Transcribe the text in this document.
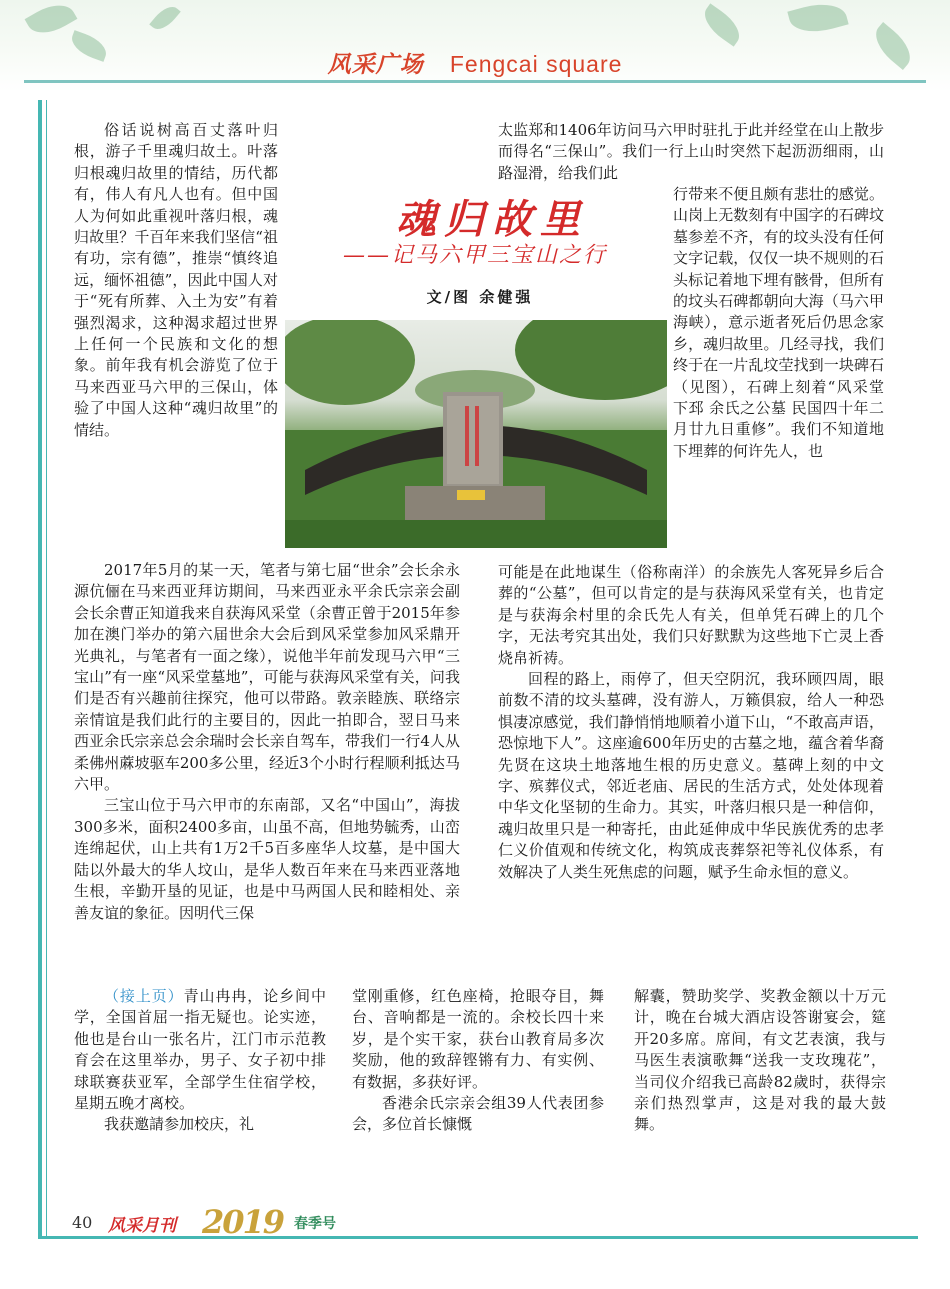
风采广场 Fengcai square

俗话说树高百丈落叶归根，游子千里魂归故土。叶落归根魂归故里的情结，历代都有，伟人有凡人也有。但中国人为何如此重视叶落归根，魂归故里？千百年来我们坚信“祖有功，宗有德”，推崇“慎终追远，缅怀祖德”，因此中国人对于“死有所葬、入土为安”有着强烈渴求，这种渴求超过世界上任何一个民族和文化的想象。前年我有机会游览了位于马来西亚马六甲的三保山，体验了中国人这种“魂归故里”的情结。

魂归故里
——记马六甲三宝山之行
文/图 余健强

2017年5月的某一天，笔者与第七届“世余”会长余永源伉俪在马来西亚拜访期间，马来西亚永平余氏宗亲会副会长余曹正知道我来自获海风采堂（余曹正曾于2015年参加在澳门举办的第六届世余大会后到风采堂参加风采鼎开光典礼，与笔者有一面之缘），说他半年前发现马六甲“三宝山”有一座“风采堂墓地”，可能与获海风采堂有关，问我们是否有兴趣前往探究，他可以带路。敦亲睦族、联络宗亲情谊是我们此行的主要目的，因此一拍即合，翌日马来西亚余氏宗亲总会余瑞时会长亲自驾车，带我们一行4人从柔佛州蔴坡驱车200多公里，经近3个小时行程顺利抵达马六甲。

三宝山位于马六甲市的东南部，又名“中国山”，海拔300多米，面积2400多亩，山虽不高，但地势毓秀，山峦连绵起伏，山上共有1万2千5百多座华人坟墓，是中国大陆以外最大的华人坟山，是华人数百年来在马来西亚落地生根，辛勤开垦的见证，也是中马两国人民和睦相处、亲善友谊的象征。因明代三保

太监郑和1406年访问马六甲时驻扎于此并经堂在山上散步而得名“三保山”。我们一行上山时突然下起沥沥细雨，山路湿滑，给我们此

行带来不便且颇有悲壮的感觉。山岗上无数刻有中国字的石碑坟墓参差不齐，有的坟头没有任何文字记载，仅仅一块不规则的石头标记着地下埋有骸骨，但所有的坟头石碑都朝向大海（马六甲海峡），意示逝者死后仍思念家乡，魂归故里。几经寻找，我们终于在一片乱坟茔找到一块碑石（见图），石碑上刻着“风采堂 下邳 余氏之公墓 民国四十年二月廿九日重修”。我们不知道地下埋葬的何许先人，也

可能是在此地谋生（俗称南洋）的余族先人客死异乡后合葬的“公墓”，但可以肯定的是与获海风采堂有关，也肯定是与获海余村里的余氏先人有关，但单凭石碑上的几个字，无法考究其出处，我们只好默默为这些地下亡灵上香烧帛祈祷。

回程的路上，雨停了，但天空阴沉，我环顾四周，眼前数不清的坟头墓碑，没有游人，万籁俱寂，给人一种恐惧凄凉感觉，我们静悄悄地顺着小道下山，“不敢高声语，恐惊地下人”。这座逾600年历史的古墓之地，蕴含着华裔先贤在这块土地落地生根的历史意义。墓碑上刻的中文字、殡葬仪式，邻近老庙、居民的生活方式，处处体现着中华文化坚韧的生命力。其实，叶落归根只是一种信仰，魂归故里只是一种寄托，由此延伸成中华民族优秀的忠孝仁义价值观和传统文化，构筑成丧葬祭祀等礼仪体系，有效解决了人类生死焦虑的问题，赋予生命永恒的意义。

（接上页）青山冉冉，论乡间中学，全国首屈一指无疑也。论实迹，他也是台山一张名片，江门市示范教育会在这里举办，男子、女子初中排球联赛获亚军，全部学生住宿学校，星期五晚才离校。

我获邀請参加校庆，礼

堂刚重修，红色座椅，抢眼夺目，舞台、音响都是一流的。余校长四十来岁，是个实干家，获台山教育局多次奖励，他的致辞铿锵有力、有实例、有数据，多获好评。

香港余氏宗亲会组39人代表团参会，多位首长慷慨

解囊，赞助奖学、奖教金额以十万元计，晚在台城大酒店设答谢宴会，筵开20多席。席间，有文艺表演，我与马医生表演歌舞“送我一支玫瑰花”，当司仪介绍我已高龄82歲时，获得宗亲们热烈掌声，这是对我的最大鼓舞。

40 风采月刊 2019 春季号
